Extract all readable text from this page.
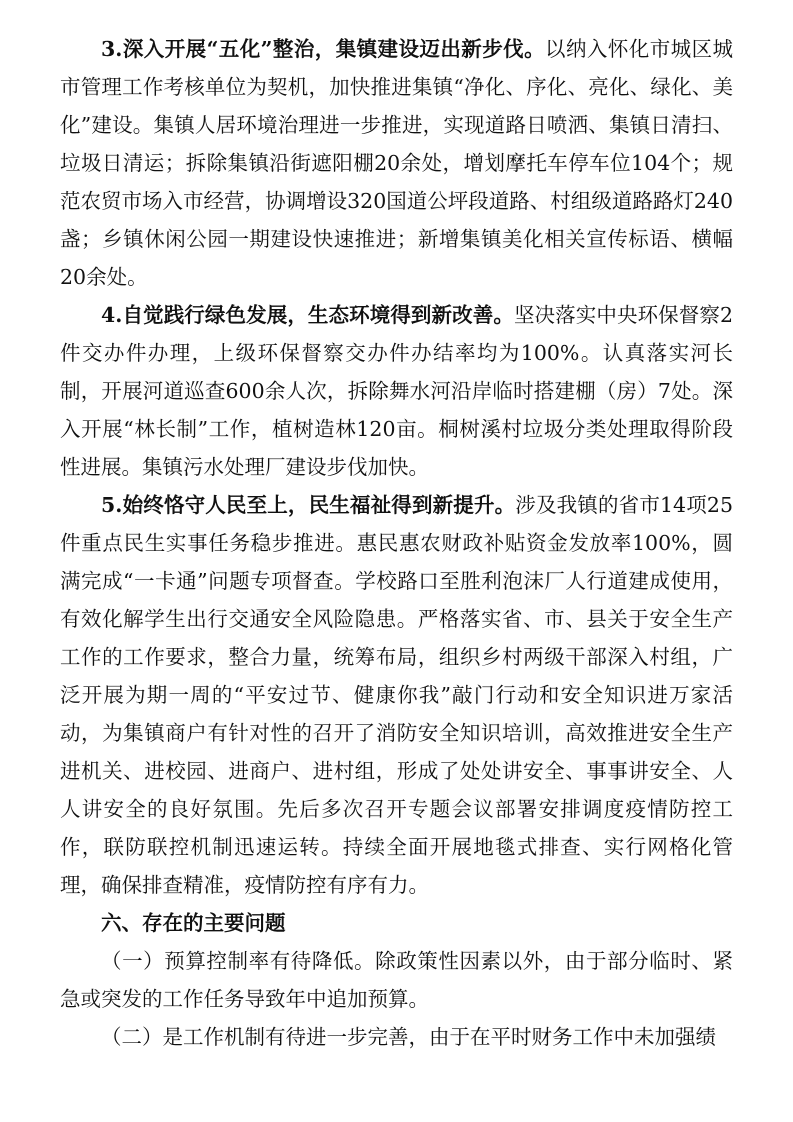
3.深入开展“五化”整治，集镇建设迈出新步伐。以纳入怀化市城区城市管理工作考核单位为契机，加快推进集镇“净化、序化、亮化、绿化、美化”建设。集镇人居环境治理进一步推进，实现道路日喷洒、集镇日清扫、垃圾日清运；拆除集镇沿街遮阳棚20余处，增划摩托车停车位104个；规范农贸市场入市经营，协调增设320国道公坪段道路、村组级道路路灯240盏；乡镇休闲公园一期建设快速推进；新增集镇美化相关宣传标语、横幅20余处。

4.自觉践行绿色发展，生态环境得到新改善。坚决落实中央环保督察2件交办件办理，上级环保督察交办件办结率均为100%。认真落实河长制，开展河道巡查600余人次，拆除舞水河沿岸临时搭建棚（房）7处。深入开展“林长制”工作，植树造林120亩。桐树溪村垃圾分类处理取得阶段性进展。集镇污水处理厂建设步伐加快。

5.始终恪守人民至上，民生福祉得到新提升。涉及我镇的省市14项25件重点民生实事任务稳步推进。惠民惠农财政补贴资金发放率100%，圆满完成“一卡通”问题专项督查。学校路口至胜利泡沫厂人行道建成使用，有效化解学生出行交通安全风险隐患。严格落实省、市、县关于安全生产工作的工作要求，整合力量，统筹布局，组织乡村两级干部深入村组，广泛开展为期一周的“平安过节、健康你我”敲门行动和安全知识进万家活动，为集镇商户有针对性的召开了消防安全知识培训，高效推进安全生产进机关、进校园、进商户、进村组，形成了处处讲安全、事事讲安全、人人讲安全的良好氛围。先后多次召开专题会议部署安排调度疫情防控工作，联防联控机制迅速运转。持续全面开展地毯式排查、实行网格化管理，确保排查精准，疫情防控有序有力。

六、存在的主要问题

（一）预算控制率有待降低。除政策性因素以外，由于部分临时、紧急或突发的工作任务导致年中追加预算。

（二）是工作机制有待进一步完善，由于在平时财务工作中未加强绩
